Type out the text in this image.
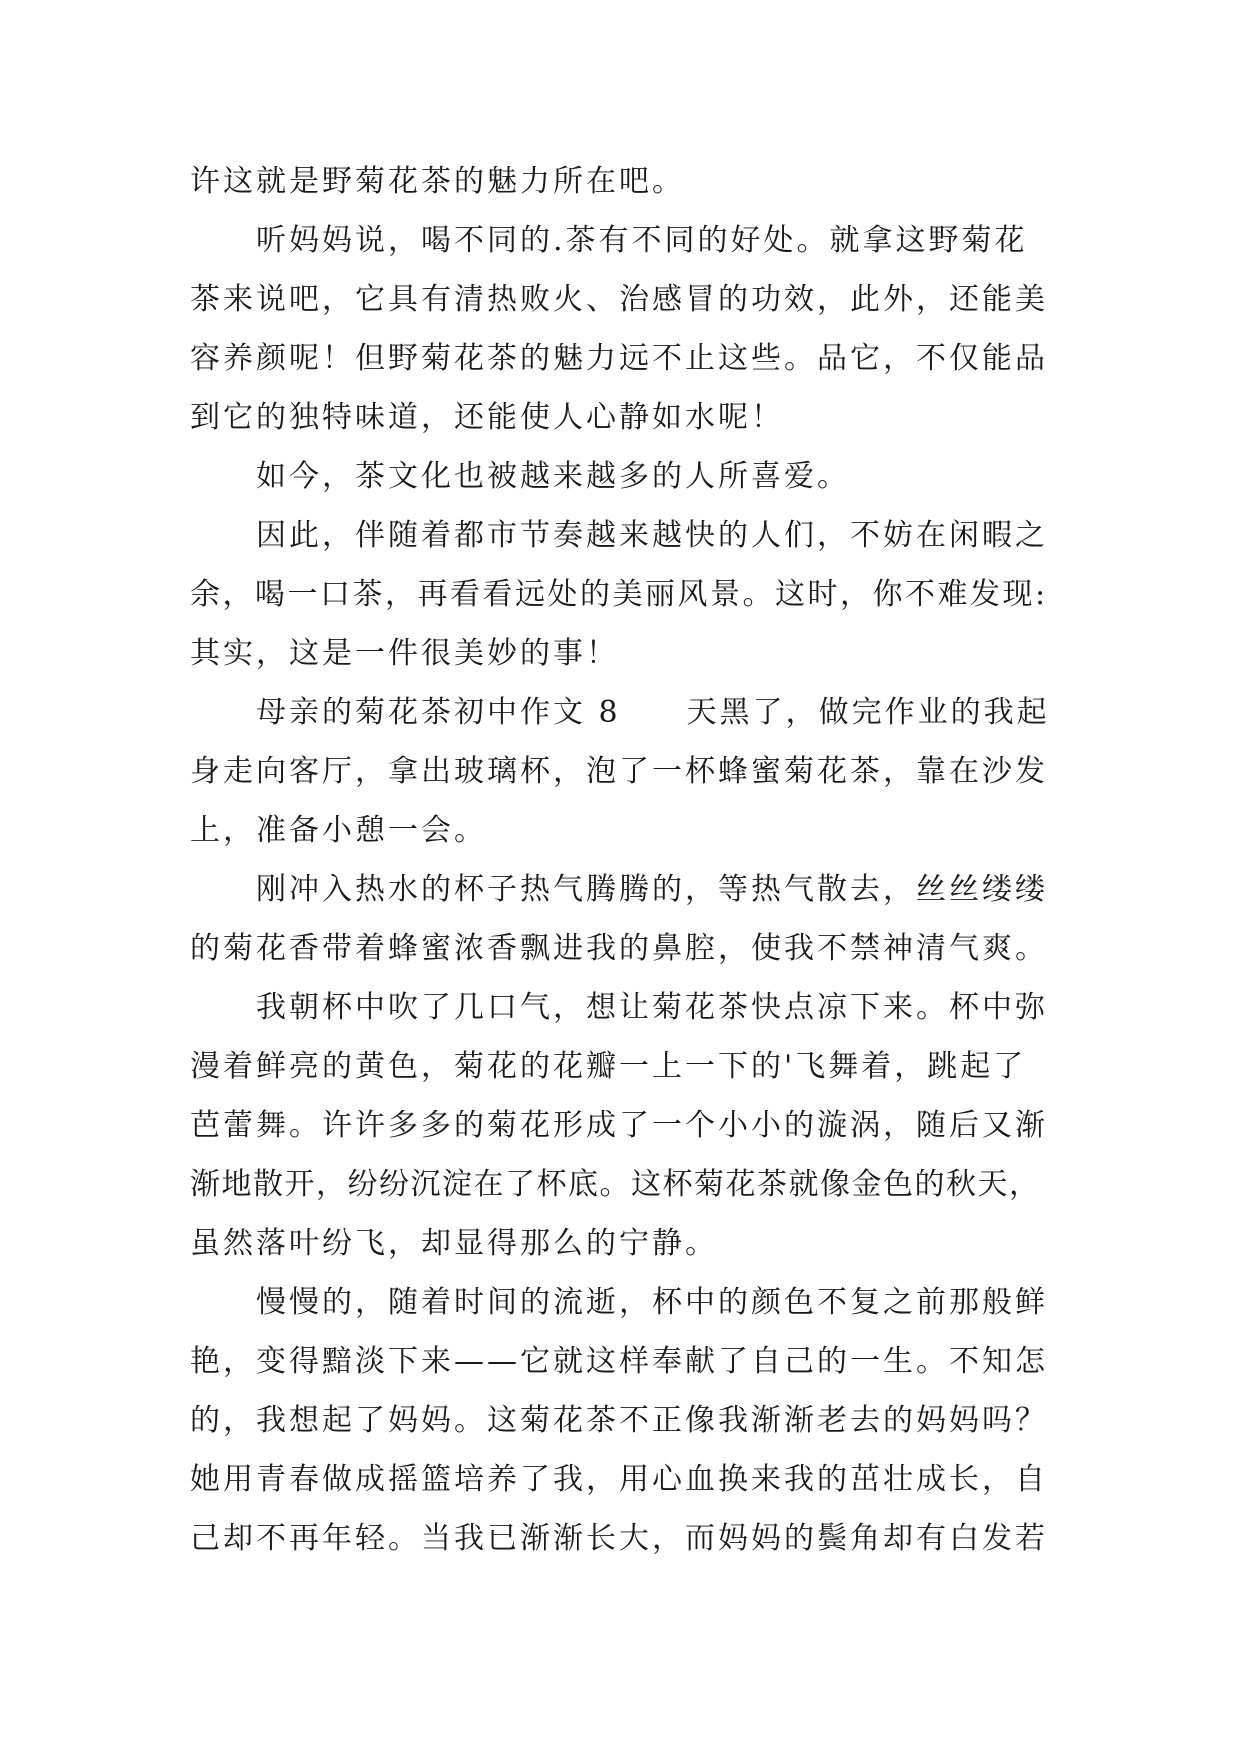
许这就是野菊花茶的魅力所在吧。
听妈妈说，喝不同的.茶有不同的好处。就拿这野菊花
茶来说吧，它具有清热败火、治感冒的功效，此外，还能美
容养颜呢！但野菊花茶的魅力远不止这些。品它，不仅能品
到它的独特味道，还能使人心静如水呢！
如今，茶文化也被越来越多的人所喜爱。
因此，伴随着都市节奏越来越快的人们，不妨在闲暇之
余，喝一口茶，再看看远处的美丽风景。这时，你不难发现:
其实，这是一件很美妙的事！
母亲的菊花茶初中作文 8　　天黑了，做完作业的我起
身走向客厅，拿出玻璃杯，泡了一杯蜂蜜菊花茶，靠在沙发
上，准备小憩一会。
刚冲入热水的杯子热气腾腾的，等热气散去，丝丝缕缕
的菊花香带着蜂蜜浓香飘进我的鼻腔，使我不禁神清气爽。
我朝杯中吹了几口气，想让菊花茶快点凉下来。杯中弥
漫着鲜亮的黄色，菊花的花瓣一上一下的'飞舞着，跳起了
芭蕾舞。许许多多的菊花形成了一个小小的漩涡，随后又渐
渐地散开，纷纷沉淀在了杯底。这杯菊花茶就像金色的秋天，
虽然落叶纷飞，却显得那么的宁静。
慢慢的，随着时间的流逝，杯中的颜色不复之前那般鲜
艳，变得黯淡下来——它就这样奉献了自己的一生。不知怎
的，我想起了妈妈。这菊花茶不正像我渐渐老去的妈妈吗？
她用青春做成摇篮培养了我，用心血换来我的茁壮成长，自
己却不再年轻。当我已渐渐长大，而妈妈的鬓角却有白发若
